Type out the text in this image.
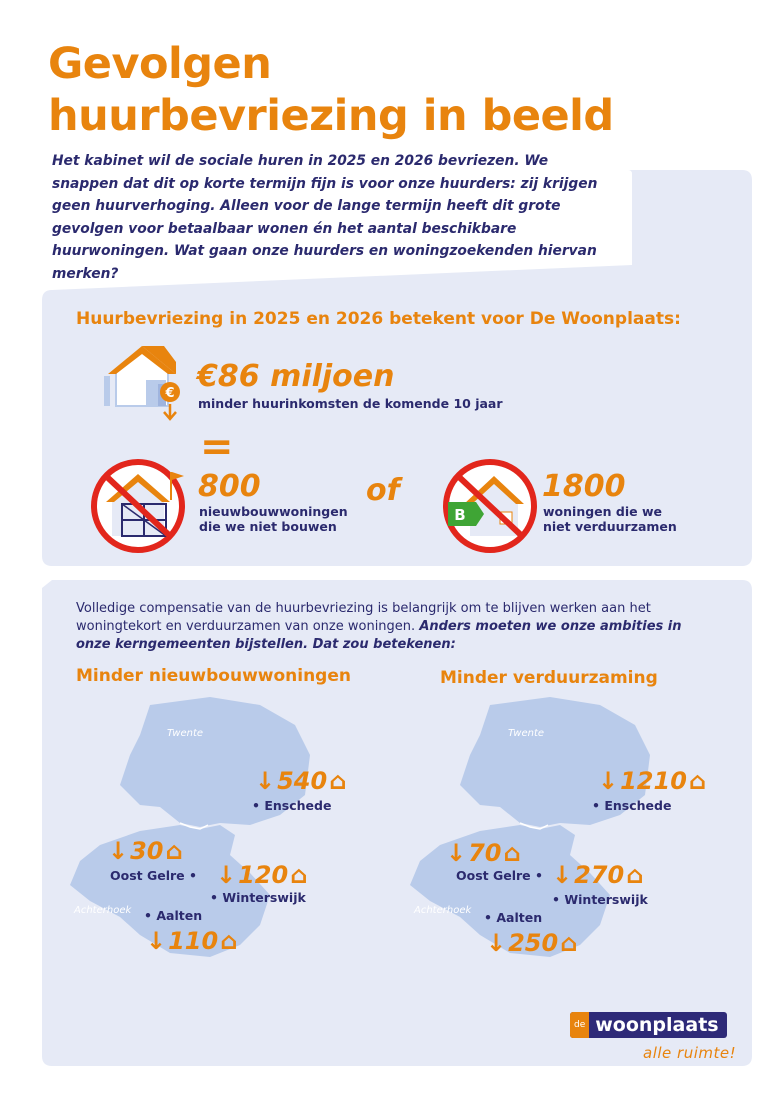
Gevolgen
huurbevriezing in beeld
Het kabinet wil de sociale huren in 2025 en 2026 bevriezen. We snappen dat dit op korte termijn fijn is voor onze huurders: zij krijgen geen huurverhoging. Alleen voor de lange termijn heeft dit grote gevolgen voor betaalbaar wonen én het aantal beschikbare huurwoningen. Wat gaan onze huurders en woningzoekenden hiervan merken?
Huurbevriezing in 2025 en 2026 betekent voor De Woonplaats:
€ €86 miljoen
minder huurinkomsten de komende 10 jaar
=
800
nieuwbouwwoningen
die we niet bouwen
of
B
1800
woningen die we
niet verduurzamen
Volledige compensatie van de huurbevriezing is belangrijk om te blijven werken aan het woningtekort en verduurzamen van onze woningen. Anders moeten we onze ambities in onze kerngemeenten bijstellen. Dat zou betekenen:
Minder nieuwbouwwoningen	Minder verduurzaming
Twente
Achterhoek
↓ 540 ⌂
• Enschede
↓ 30 ⌂
Oost Gelre • ↓ 120 ⌂
• Winterswijk
• Aalten
↓ 110 ⌂
Twente
Achterhoek
↓ 1210 ⌂
• Enschede
↓ 70 ⌂
Oost Gelre • ↓ 270 ⌂
• Winterswijk
• Aalten
↓ 250 ⌂
de woonplaats
alle ruimte!
